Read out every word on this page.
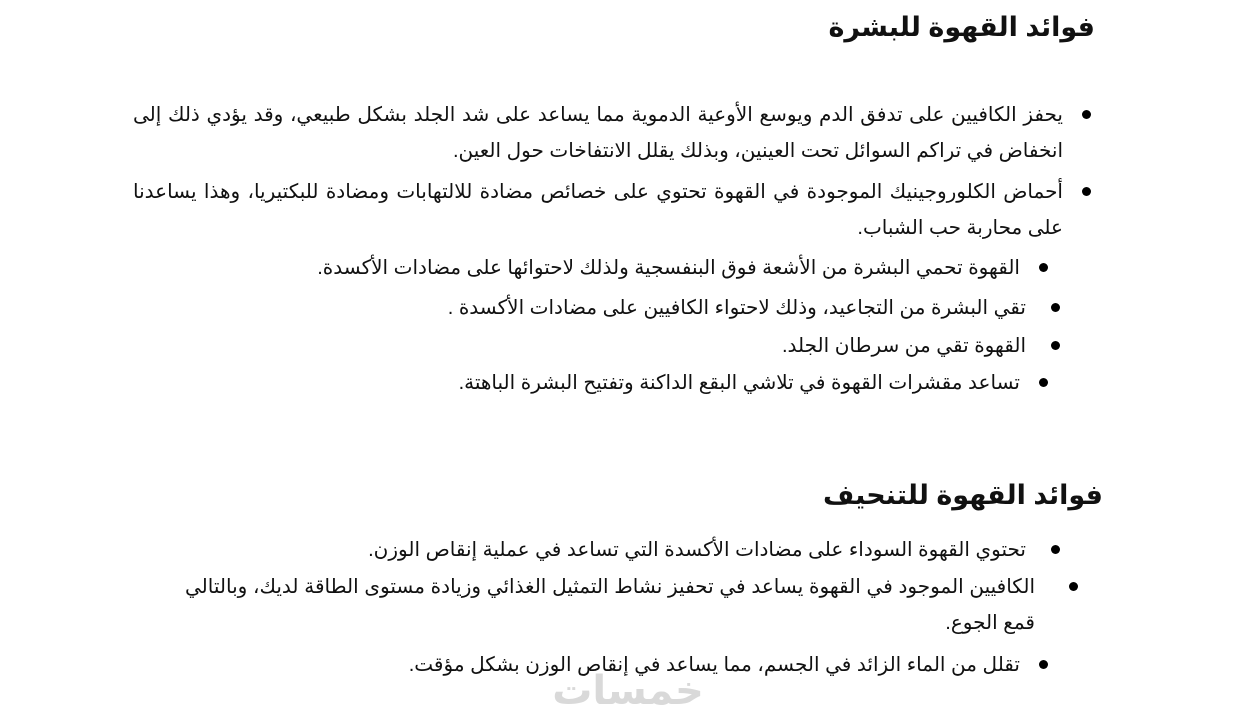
فوائد القهوة للبشرة
يحفز الكافيين على تدفق الدم ويوسع الأوعية الدموية مما يساعد على شد الجلد بشكل طبيعي، وقد يؤدي ذلك إلى انخفاض في تراكم السوائل تحت العينين، وبذلك يقلل الانتفاخات حول العين.
أحماض الكلوروجينيك الموجودة في القهوة تحتوي على خصائص مضادة للالتهابات ومضادة للبكتيريا، وهذا يساعدنا على محاربة حب الشباب.
القهوة تحمي البشرة من الأشعة فوق البنفسجية ولذلك لاحتوائها على مضادات الأكسدة.
تقي البشرة من التجاعيد، وذلك لاحتواء الكافيين على مضادات الأكسدة .
القهوة تقي من سرطان الجلد.
تساعد مقشرات القهوة في تلاشي البقع الداكنة وتفتيح البشرة الباهتة.
فوائد القهوة للتنحيف
تحتوي القهوة السوداء على مضادات الأكسدة التي تساعد في عملية إنقاص الوزن.
الكافيين الموجود في القهوة يساعد في تحفيز نشاط التمثيل الغذائي وزيادة مستوى الطاقة لديك، وبالتالي قمع الجوع.
تقلل من الماء الزائد في الجسم، مما يساعد في إنقاص الوزن بشكل مؤقت.
خمسات
